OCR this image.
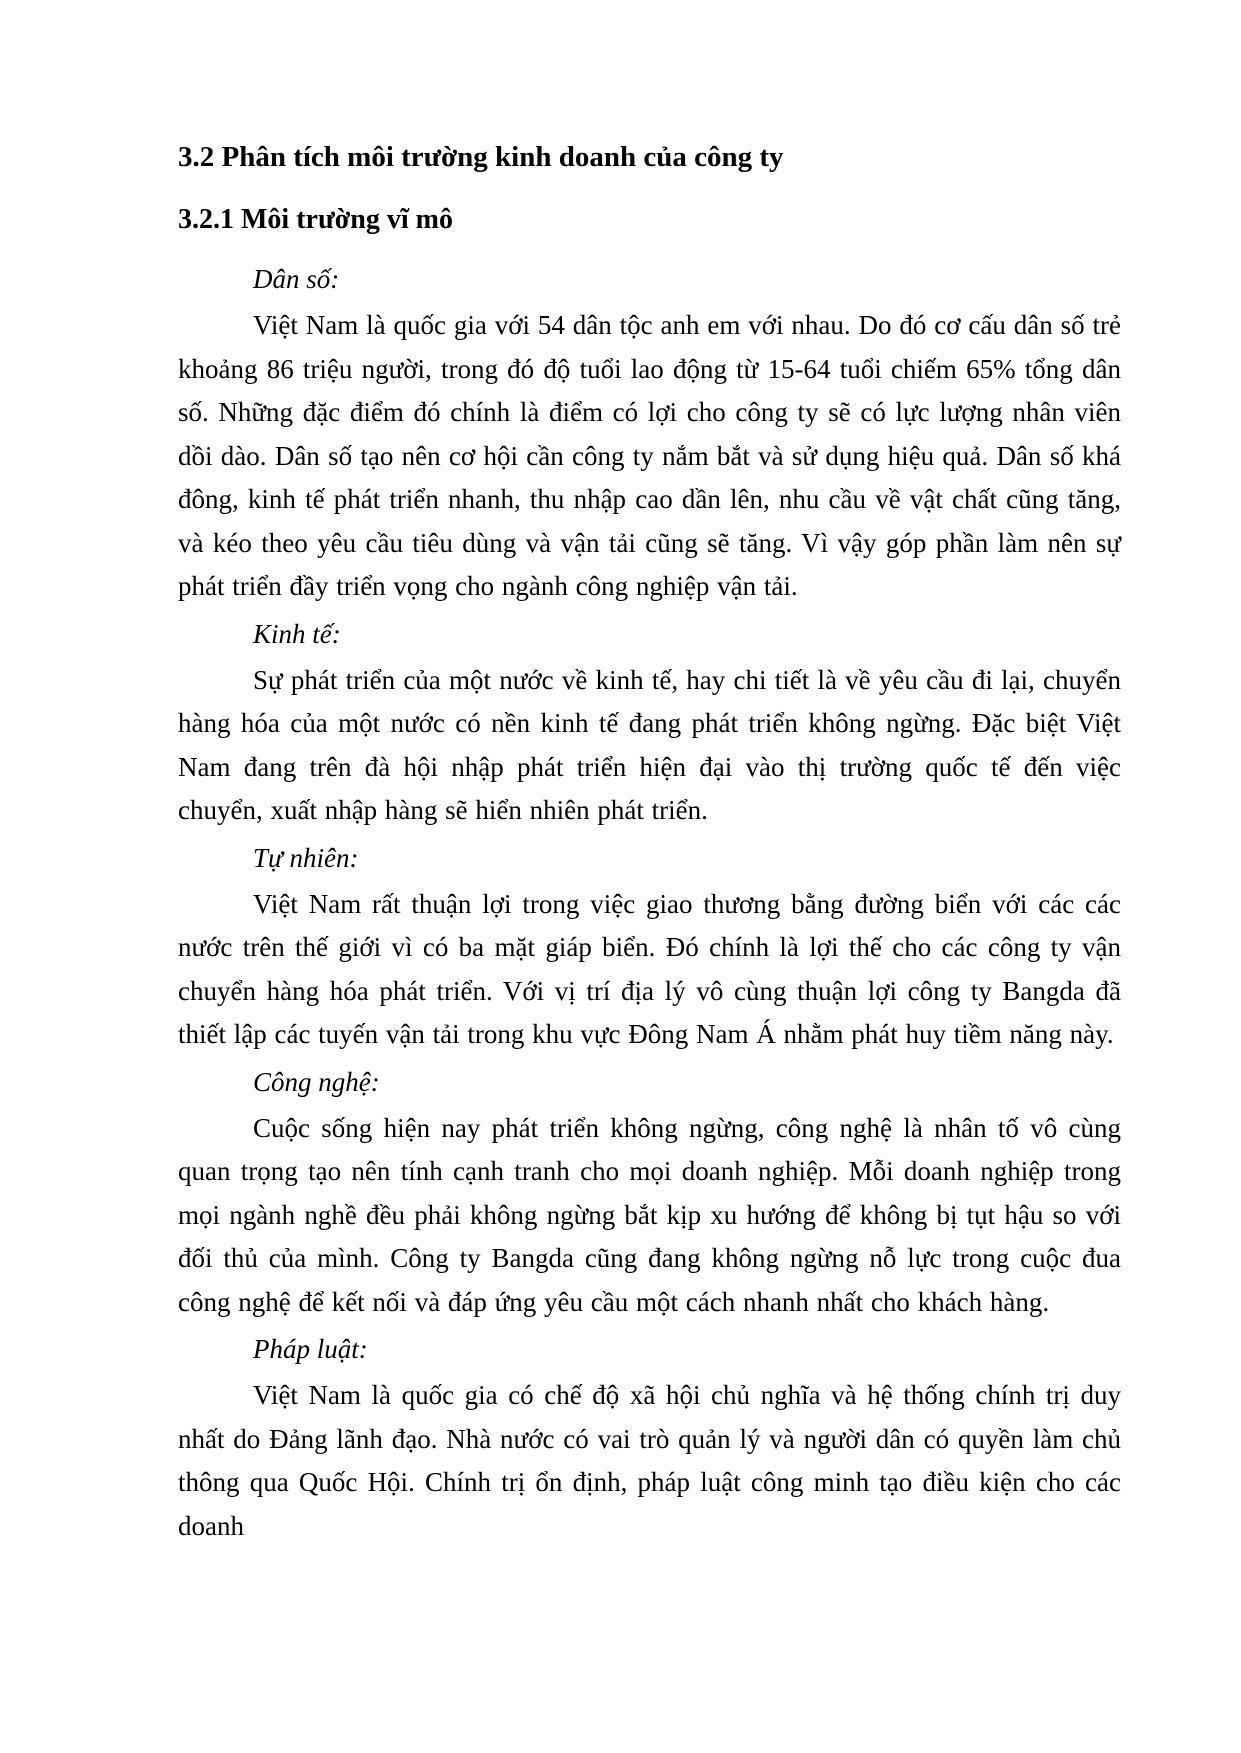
3.2 Phân tích môi trường kinh doanh của công ty
3.2.1 Môi trường vĩ mô
Dân số:

Việt Nam là quốc gia với 54 dân tộc anh em với nhau. Do đó cơ cấu dân số trẻ khoảng 86 triệu người, trong đó độ tuổi lao động từ 15-64 tuổi chiếm 65% tổng dân số. Những đặc điểm đó chính là điểm có lợi cho công ty sẽ có lực lượng nhân viên dồi dào. Dân số tạo nên cơ hội cần công ty nắm bắt và sử dụng hiệu quả. Dân số khá đông, kinh tế phát triển nhanh, thu nhập cao dần lên, nhu cầu về vật chất cũng tăng, và kéo theo yêu cầu tiêu dùng và vận tải cũng sẽ tăng. Vì vậy góp phần làm nên sự phát triển đầy triển vọng cho ngành công nghiệp vận tải.

Kinh tế:

Sự phát triển của một nước về kinh tế, hay chi tiết là về yêu cầu đi lại, chuyển hàng hóa của một nước có nền kinh tế đang phát triển không ngừng. Đặc biệt Việt Nam đang trên đà hội nhập phát triển hiện đại vào thị trường quốc tế đến việc chuyển, xuất nhập hàng sẽ hiển nhiên phát triển.

Tự nhiên:

Việt Nam rất thuận lợi trong việc giao thương bằng đường biển với các các nước trên thế giới vì có ba mặt giáp biển. Đó chính là lợi thế cho các công ty vận chuyển hàng hóa phát triển. Với vị trí địa lý vô cùng thuận lợi công ty Bangda đã thiết lập các tuyến vận tải trong khu vực Đông Nam Á nhằm phát huy tiềm năng này.

Công nghệ:

Cuộc sống hiện nay phát triển không ngừng, công nghệ là nhân tố vô cùng quan trọng tạo nên tính cạnh tranh cho mọi doanh nghiệp. Mỗi doanh nghiệp trong mọi ngành nghề đều phải không ngừng bắt kịp xu hướng để không bị tụt hậu so với đối thủ của mình. Công ty Bangda cũng đang không ngừng nỗ lực trong cuộc đua công nghệ để kết nối và đáp ứng yêu cầu một cách nhanh nhất cho khách hàng.

Pháp luật:

Việt Nam là quốc gia có chế độ xã hội chủ nghĩa và hệ thống chính trị duy nhất do Đảng lãnh đạo. Nhà nước có vai trò quản lý và người dân có quyền làm chủ thông qua Quốc Hội. Chính trị ổn định, pháp luật công minh tạo điều kiện cho các doanh
